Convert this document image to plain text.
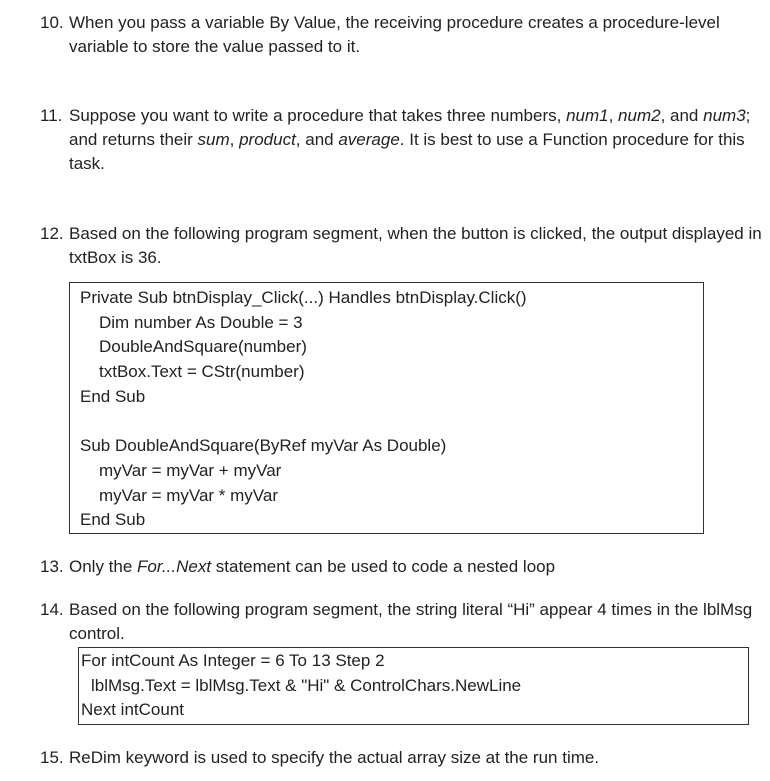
10. When you pass a variable By Value, the receiving procedure creates a procedure-level variable to store the value passed to it.
11. Suppose you want to write a procedure that takes three numbers, num1, num2, and num3; and returns their sum, product, and average. It is best to use a Function procedure for this task.
12. Based on the following program segment, when the button is clicked, the output displayed in txtBox is 36.
Private Sub btnDisplay_Click(...) Handles btnDisplay.Click()
Dim number As Double = 3
DoubleAndSquare(number)
txtBox.Text = CStr(number)
End Sub
Sub DoubleAndSquare(ByRef myVar As Double)
myVar = myVar + myVar
myVar = myVar * myVar
End Sub
13. Only the For...Next statement can be used to code a nested loop
14. Based on the following program segment, the string literal “Hi” appear 4 times in the lblMsg control.
For intCount As Integer = 6 To 13 Step 2
lblMsg.Text = lblMsg.Text & "Hi" & ControlChars.NewLine
Next intCount
15. ReDim keyword is used to specify the actual array size at the run time.
